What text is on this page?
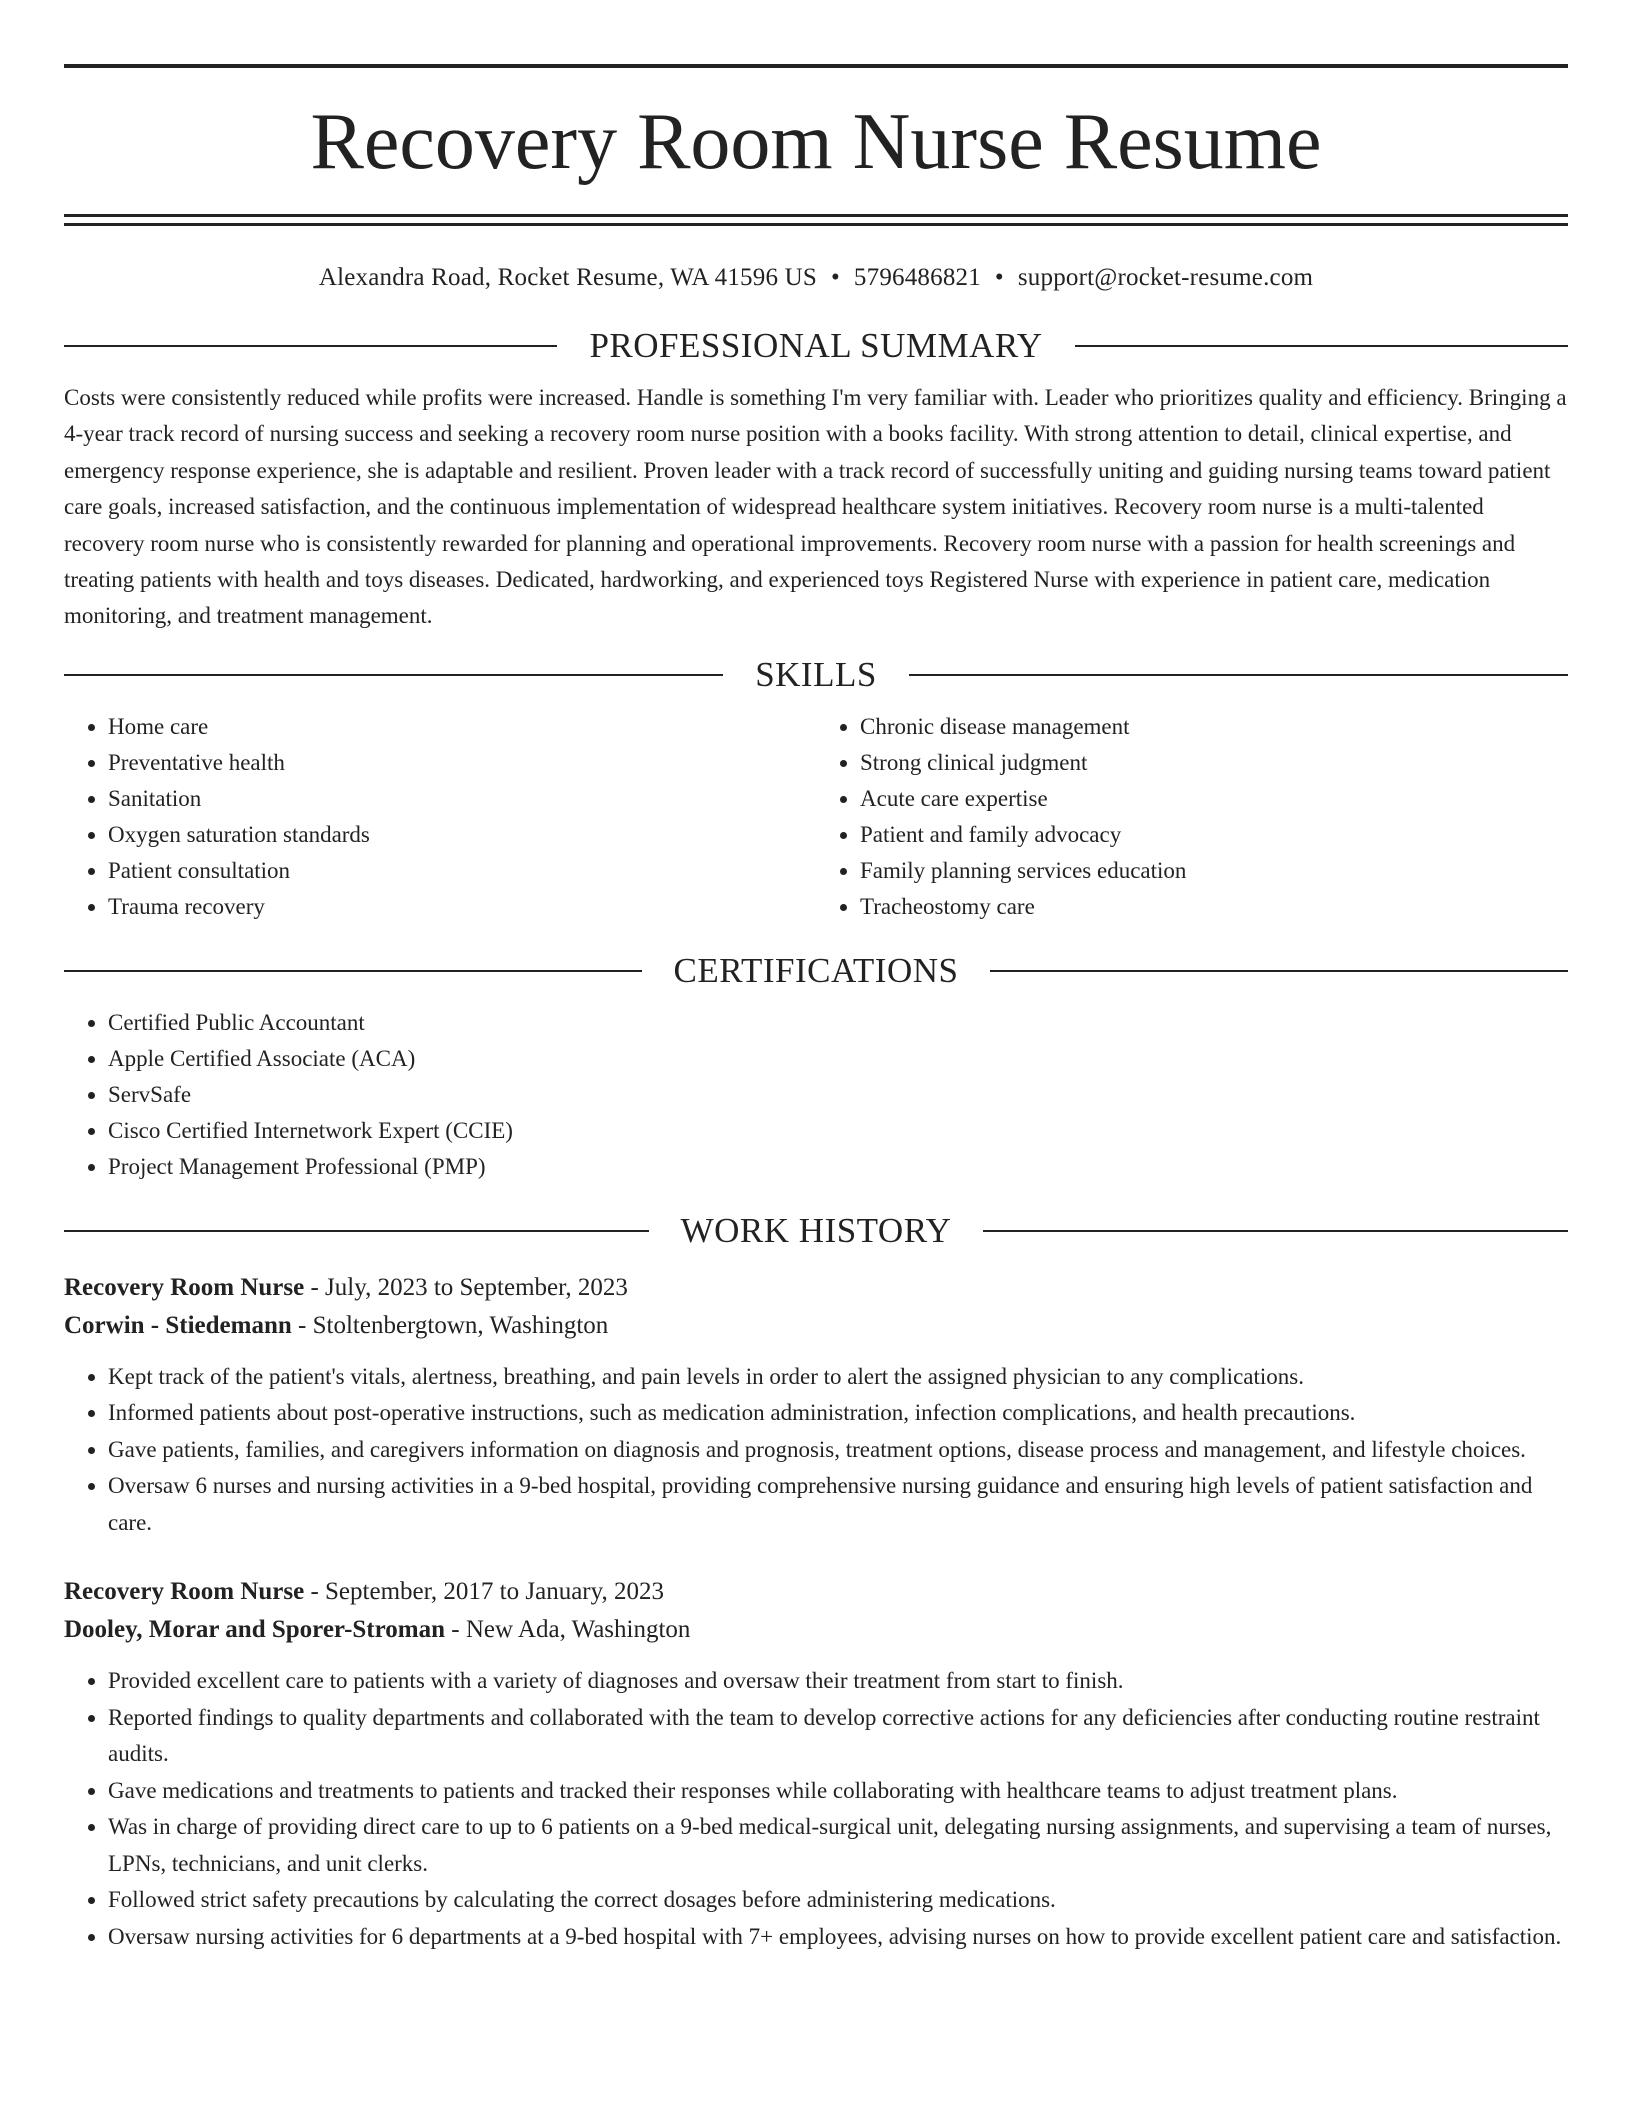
Recovery Room Nurse Resume
Alexandra Road, Rocket Resume, WA 41596 US • 5796486821 • support@rocket-resume.com
PROFESSIONAL SUMMARY

Costs were consistently reduced while profits were increased. Handle is something I'm very familiar with. Leader who prioritizes quality and efficiency. Bringing a 4-year track record of nursing success and seeking a recovery room nurse position with a books facility. With strong attention to detail, clinical expertise, and emergency response experience, she is adaptable and resilient. Proven leader with a track record of successfully uniting and guiding nursing teams toward patient care goals, increased satisfaction, and the continuous implementation of widespread healthcare system initiatives. Recovery room nurse is a multi-talented recovery room nurse who is consistently rewarded for planning and operational improvements. Recovery room nurse with a passion for health screenings and treating patients with health and toys diseases. Dedicated, hardworking, and experienced toys Registered Nurse with experience in patient care, medication monitoring, and treatment management.

SKILLS
• Home care
• Preventative health
• Sanitation
• Oxygen saturation standards
• Patient consultation
• Trauma recovery
• Chronic disease management
• Strong clinical judgment
• Acute care expertise
• Patient and family advocacy
• Family planning services education
• Tracheostomy care
CERTIFICATIONS
• Certified Public Accountant
• Apple Certified Associate (ACA)
• ServSafe
• Cisco Certified Internetwork Expert (CCIE)
• Project Management Professional (PMP)
WORK HISTORY
Recovery Room Nurse - July, 2023 to September, 2023
Corwin - Stiedemann - Stoltenbergtown, Washington
• Kept track of the patient's vitals, alertness, breathing, and pain levels in order to alert the assigned physician to any complications.
• Informed patients about post-operative instructions, such as medication administration, infection complications, and health precautions.
• Gave patients, families, and caregivers information on diagnosis and prognosis, treatment options, disease process and management, and lifestyle choices.
• Oversaw 6 nurses and nursing activities in a 9-bed hospital, providing comprehensive nursing guidance and ensuring high levels of patient satisfaction and care.
Recovery Room Nurse - September, 2017 to January, 2023
Dooley, Morar and Sporer-Stroman - New Ada, Washington
• Provided excellent care to patients with a variety of diagnoses and oversaw their treatment from start to finish.
• Reported findings to quality departments and collaborated with the team to develop corrective actions for any deficiencies after conducting routine restraint audits.
• Gave medications and treatments to patients and tracked their responses while collaborating with healthcare teams to adjust treatment plans.
• Was in charge of providing direct care to up to 6 patients on a 9-bed medical-surgical unit, delegating nursing assignments, and supervising a team of nurses, LPNs, technicians, and unit clerks.
• Followed strict safety precautions by calculating the correct dosages before administering medications.
• Oversaw nursing activities for 6 departments at a 9-bed hospital with 7+ employees, advising nurses on how to provide excellent patient care and satisfaction.
